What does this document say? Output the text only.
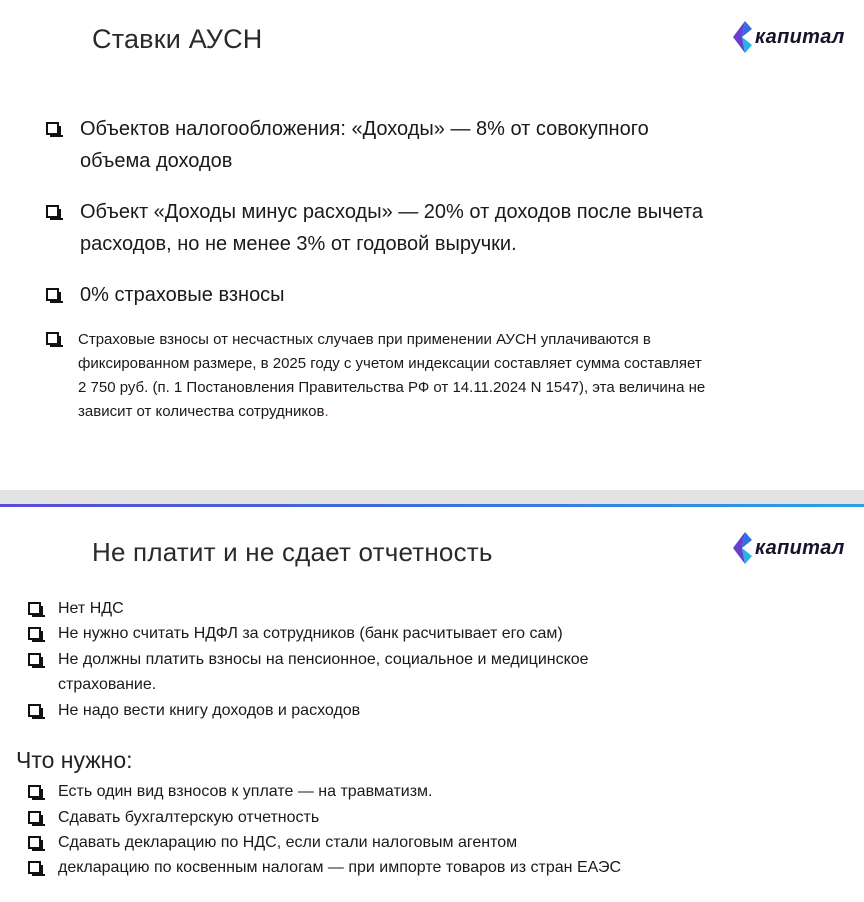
Ставки АУСН	капитал
Объектов налогообложения: «Доходы» — 8% от совокупного
объема доходов
Объект «Доходы минус расходы» — 20% от доходов после вычета
расходов, но не менее 3% от годовой выручки.
0% страховые взносы
Страховые взносы от несчастных случаев при применении АУСН уплачиваются в
фиксированном размере, в 2025 году с учетом индексации составляет сумма составляет
2 750 руб. (п. 1 Постановления Правительства РФ от 14.11.2024 N 1547), эта величина не
зависит от количества сотрудников.
Не платит и не сдает отчетность	капитал
Нет НДС
Не нужно считать НДФЛ за сотрудников (банк расчитывает его сам)
Не должны платить взносы на пенсионное, социальное и медицинское
страхование.
Не надо вести книгу доходов и расходов
Что нужно:
Есть один вид взносов к уплате — на травматизм.
Сдавать бухгалтерскую отчетность
Сдавать декларацию по НДС, если стали налоговым агентом
декларацию по косвенным налогам — при импорте товаров из стран ЕАЭС
